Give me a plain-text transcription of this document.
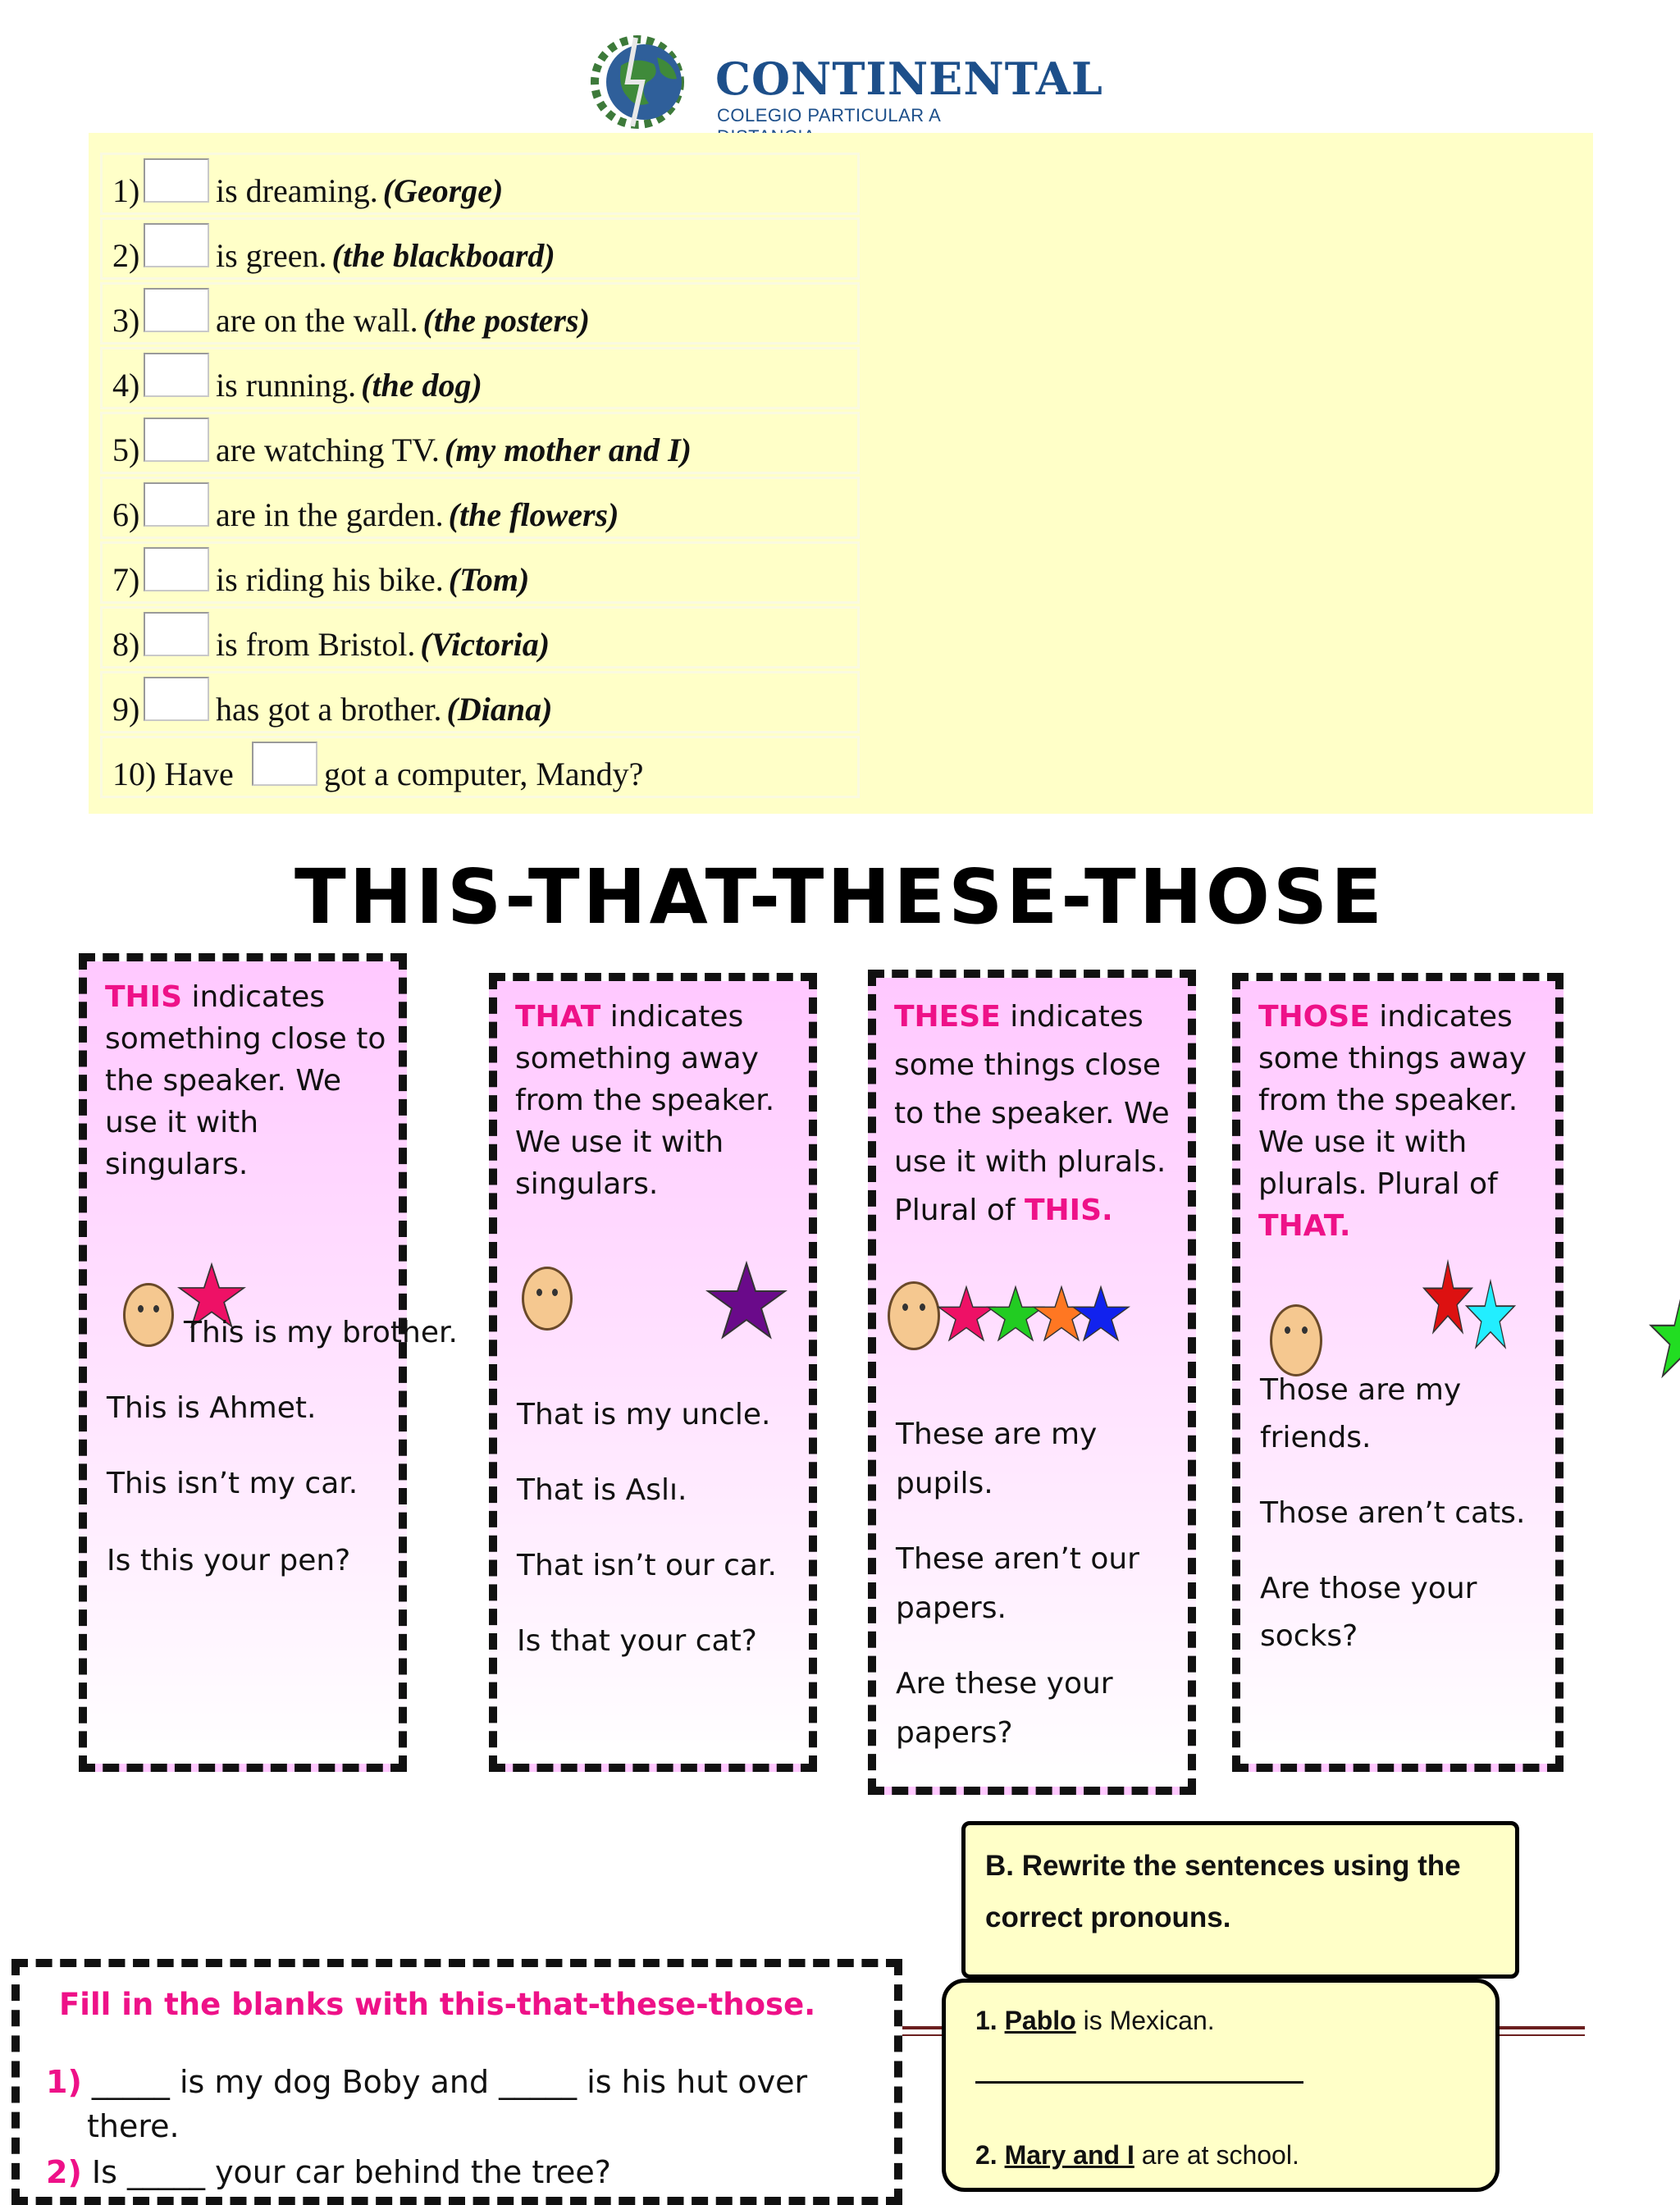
CONTINENTAL
COLEGIO PARTICULAR A
1) is dreaming. (George)
2) is green. (the blackboard)
3) are on the wall. (the posters)
4) is running. (the dog)
5) are watching TV. (my mother and I)
6) are in the garden. (the flowers)
7) is riding his bike. (Tom)
8) is from Bristol. (Victoria)
9) has got a brother. (Diana)
10) Have	got a computer, Mandy?
THIS-THAT-THESE-THOSE
THIS indicates something close to the speaker. We use it with singulars.
This is my brother.
This is Ahmet.
This isn’t my car.
Is this your pen?
THAT indicates something away from the speaker. We use it with singulars.
That is my uncle.
That is Aslı.
That isn’t our car.
Is that your cat?
THESE indicates some things close to the speaker. We use it with plurals. Plural of THIS.
These are my
pupils.
These aren’t our
papers.
Are these your
papers?
THOSE indicates some things away from the speaker. We use it with plurals. Plural of THAT.
Those are my
friends.
Those aren’t cats.
Are those your
socks?
B. Rewrite the sentences using the correct pronouns.
1. Pablo is Mexican.
2. Mary and I are at school.
Fill in the blanks with this-that-these-those.
1) _____ is my dog Boby and _____ is his hut over
there.
2) Is _____ your car behind the tree?
